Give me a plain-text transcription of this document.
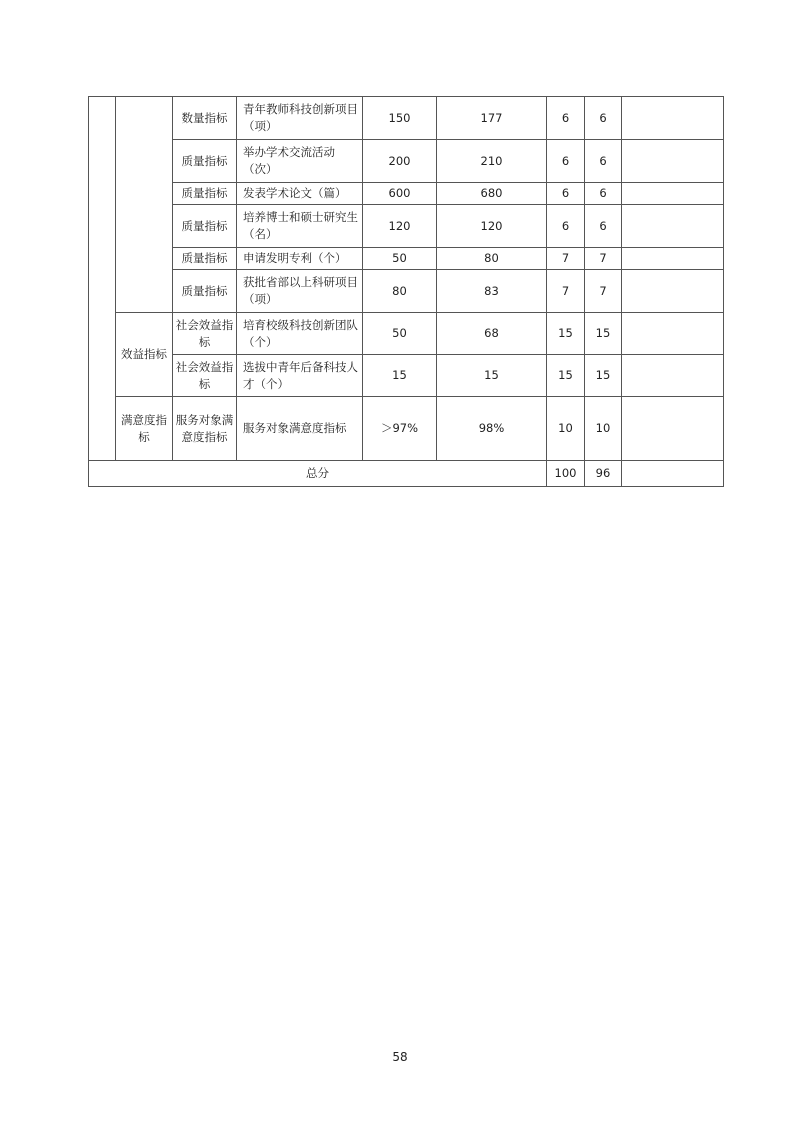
		数量指标	青年教师科技创新项目（项）	150	177	6	6	
		质量指标	举办学术交流活动（次）	200	210	6	6	
		质量指标	发表学术论文（篇）	600	680	6	6	
		质量指标	培养博士和硕士研究生（名）	120	120	6	6	
		质量指标	申请发明专利（个）	50	80	7	7	
		质量指标	获批省部以上科研项目（项）	80	83	7	7	
	效益指标	社会效益指标	培育校级科技创新团队（个）	50	68	15	15	
		社会效益指标	选拔中青年后备科技人才（个）	15	15	15	15	
	满意度指标	服务对象满意度指标	服务对象满意度指标	＞97%	98%	10	10	
总分						100	96	
58
